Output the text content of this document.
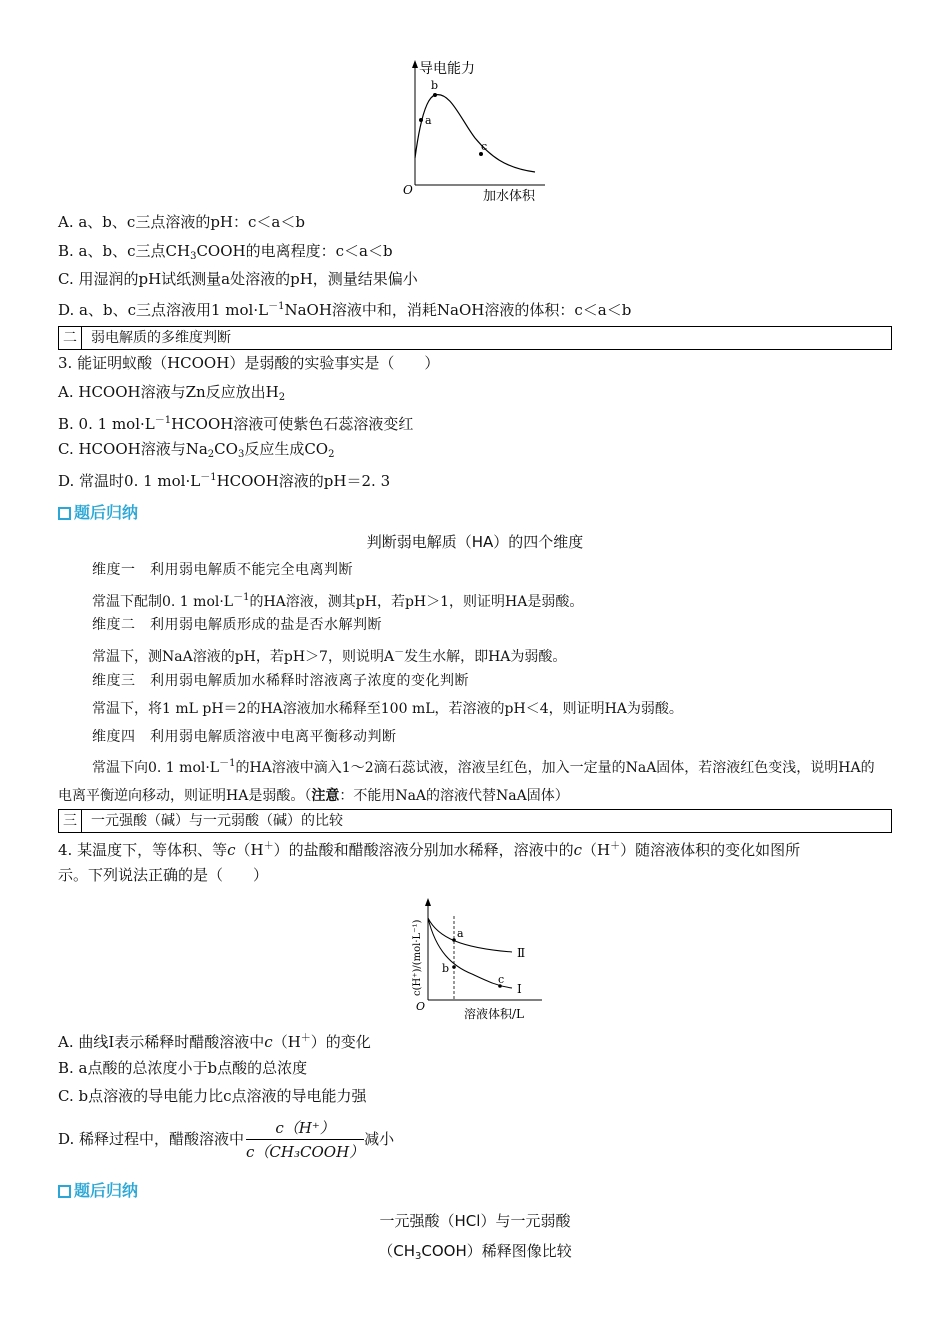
导电能力
加水体积
O
a
b
c
A. a、b、c三点溶液的pH：c＜a＜b
B. a、b、c三点$CH_3COOH$的电离程度：c＜a＜b
C. 用湿润的pH试纸测量a处溶液的pH，测量结果偏小
D. a、b、c三点溶液用1 $mol\cdot L^{-1}NaOH$溶液中和，消耗NaOH溶液的体积：c＜a＜b
二	弱电解质的多维度判断
3. 能证明蚁酸（HCOOH）是弱酸的实验事实是（　　）
A. HCOOH溶液与Zn反应放出$H_2$
B. 0. 1 $mol\cdot L^{-1}HCOOH$溶液可使紫色石蕊溶液变红
C. HCOOH溶液与$Na_2CO_3$反应生成$CO_2$
D. 常温时0. 1 $mol\cdot L^{-1}HCOOH$溶液的pH＝2. 3
题后归纳
判断弱电解质（HA）的四个维度
维度一　利用弱电解质不能完全电离判断
常温下配制0. 1 $mol\cdot L^{-1}$的HA溶液，测其pH，若pH＞1，则证明HA是弱酸。
维度二　利用弱电解质形成的盐是否水解判断
常温下，测NaA溶液的pH，若pH＞7，则说明A－发生水解，即HA为弱酸。
维度三　利用弱电解质加水稀释时溶液离子浓度的变化判断
常温下，将1 mL pH＝2的HA溶液加水稀释至100 mL，若溶液的pH＜4，则证明HA为弱酸。
维度四　利用弱电解质溶液中电离平衡移动判断
常温下向0. 1 $mol\cdot L^{-1}$的HA溶液中滴入1～2滴石蕊试液，溶液呈红色，加入一定量的NaA固体，若溶液红色变浅，说明HA的电离平衡逆向移动，则证明HA是弱酸。（注意：不能用NaA的溶液代替NaA固体）
三	一元强酸（碱）与一元弱酸（碱）的比较
4. 某温度下，等体积、等c（H＋）的盐酸和醋酸溶液分别加水稀释，溶液中的c（H＋）随溶液体积的变化如图所
示。下列说法正确的是（　　）
c(H⁺)/(mol·L⁻¹)
溶液体积/L
O
a
b
c
Ⅱ
Ⅰ
A. 曲线Ⅰ表示稀释时醋酸溶液中c（H＋）的变化
B. a点酸的总浓度小于b点酸的总浓度
C. b点溶液的导电能力比c点溶液的导电能力强
D. 稀释过程中，醋酸溶液中 $\frac{c(H^+)}{\text{c（CH₃COOH）}}$ 减小
题后归纳
一元强酸（HCl）与一元弱酸
$(CH_3COOH)$稀释图像比较
